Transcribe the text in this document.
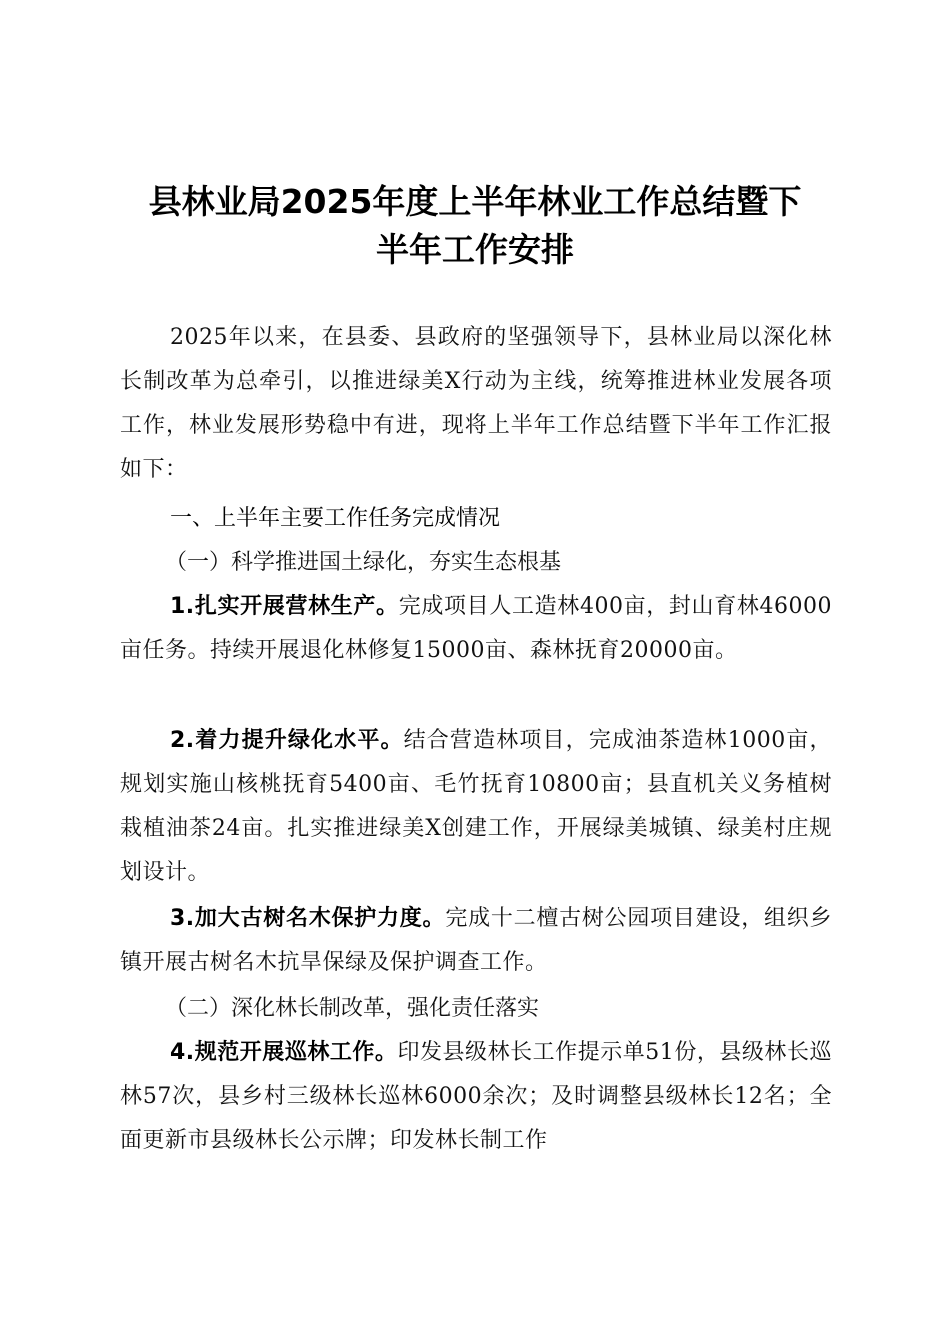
县林业局2025年度上半年林业工作总结暨下
半年工作安排
2025年以来，在县委、县政府的坚强领导下，县林业局以深化林长制改革为总牵引，以推进绿美X行动为主线，统筹推进林业发展各项工作，林业发展形势稳中有进，现将上半年工作总结暨下半年工作汇报如下：
一、上半年主要工作任务完成情况
（一）科学推进国土绿化，夯实生态根基
1.扎实开展营林生产。完成项目人工造林400亩，封山育林46000亩任务。持续开展退化林修复15000亩、森林抚育20000亩。
2.着力提升绿化水平。结合营造林项目，完成油茶造林1000亩，规划实施山核桃抚育5400亩、毛竹抚育10800亩；县直机关义务植树栽植油茶24亩。扎实推进绿美X创建工作，开展绿美城镇、绿美村庄规划设计。
3.加大古树名木保护力度。完成十二檀古树公园项目建设，组织乡镇开展古树名木抗旱保绿及保护调查工作。
（二）深化林长制改革，强化责任落实
4.规范开展巡林工作。印发县级林长工作提示单51份，县级林长巡林57次，县乡村三级林长巡林6000余次；及时调整县级林长12名；全面更新市县级林长公示牌；印发林长制工作
